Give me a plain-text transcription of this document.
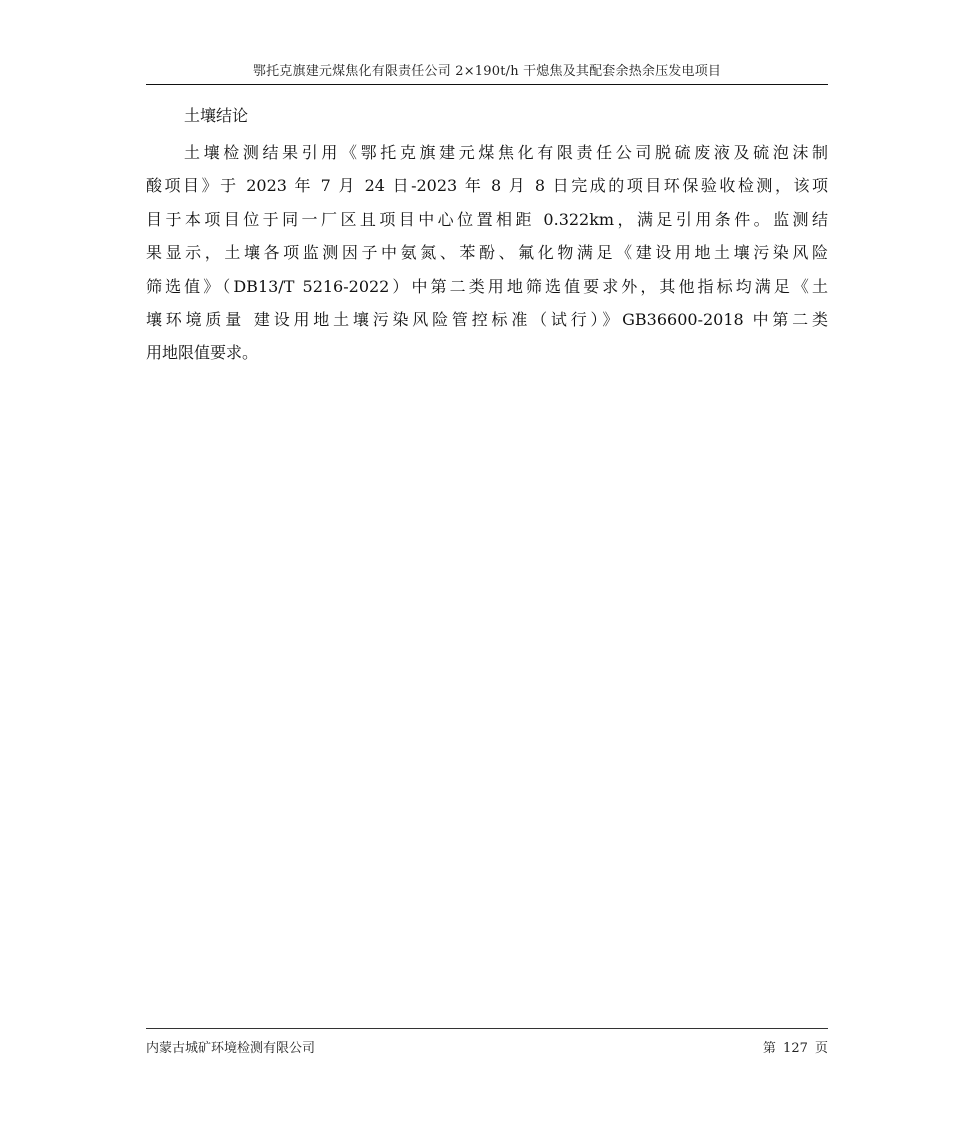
鄂托克旗建元煤焦化有限责任公司 2×190t/h 干熄焦及其配套余热余压发电项目
土壤结论
土壤检测结果引用《鄂托克旗建元煤焦化有限责任公司脱硫废液及硫泡沫制
酸项目》于 2023 年 7 月 24 日-2023 年 8 月 8 日完成的项目环保验收检测，该项
目于本项目位于同一厂区且项目中心位置相距 0.322km，满足引用条件。监测结
果显示，土壤各项监测因子中氨氮、苯酚、氟化物满足《建设用地土壤污染风险
筛选值》（DB13/T 5216-2022）中第二类用地筛选值要求外，其他指标均满足《土
壤环境质量 建设用地土壤污染风险管控标准（试行）》GB36600-2018 中第二类
用地限值要求。
内蒙古城矿环境检测有限公司	第 127 页
